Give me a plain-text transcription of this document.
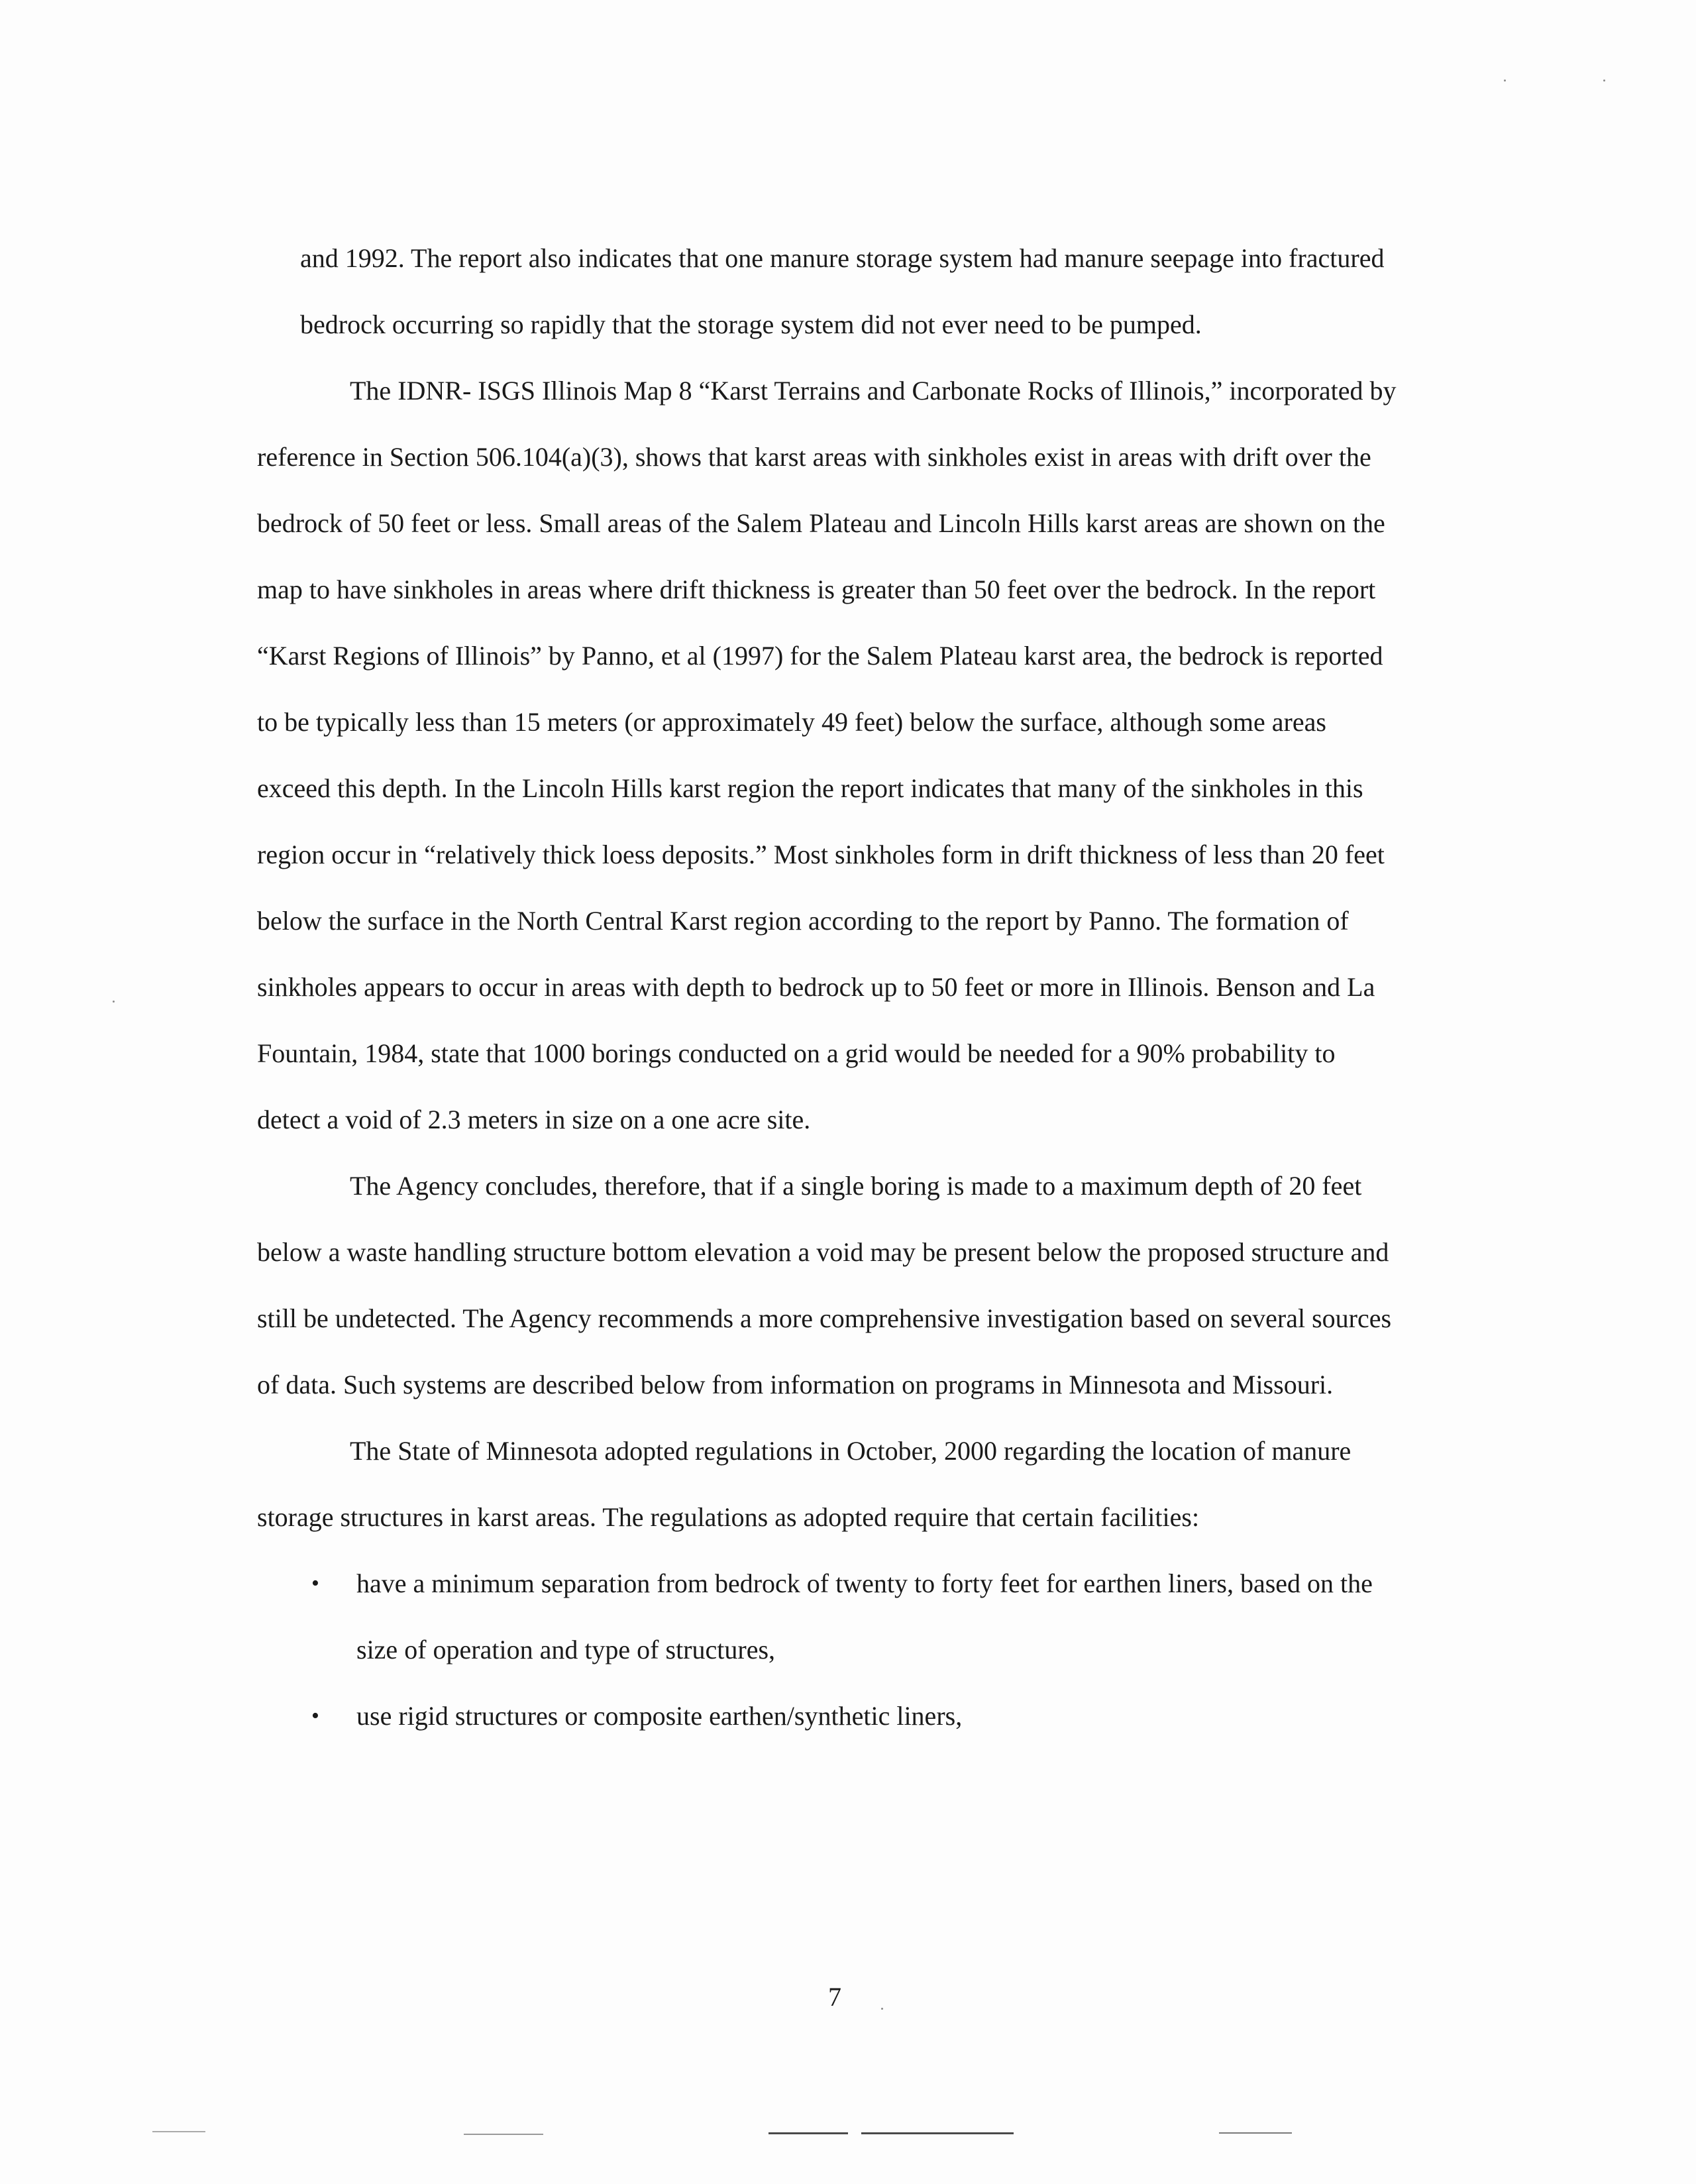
and 1992. The report also indicates that one manure storage system had manure seepage into fractured bedrock occurring so rapidly that the storage system did not ever need to be pumped.

The IDNR- ISGS Illinois Map 8 “Karst Terrains and Carbonate Rocks of Illinois,” incorporated by reference in Section 506.104(a)(3), shows that karst areas with sinkholes exist in areas with drift over the bedrock of 50 feet or less. Small areas of the Salem Plateau and Lincoln Hills karst areas are shown on the map to have sinkholes in areas where drift thickness is greater than 50 feet over the bedrock. In the report “Karst Regions of Illinois” by Panno, et al (1997) for the Salem Plateau karst area, the bedrock is reported to be typically less than 15 meters (or approximately 49 feet) below the surface, although some areas exceed this depth. In the Lincoln Hills karst region the report indicates that many of the sinkholes in this region occur in “relatively thick loess deposits.” Most sinkholes form in drift thickness of less than 20 feet below the surface in the North Central Karst region according to the report by Panno. The formation of sinkholes appears to occur in areas with depth to bedrock up to 50 feet or more in Illinois. Benson and La Fountain, 1984, state that 1000 borings conducted on a grid would be needed for a 90% probability to detect a void of 2.3 meters in size on a one acre site.

The Agency concludes, therefore, that if a single boring is made to a maximum depth of 20 feet below a waste handling structure bottom elevation a void may be present below the proposed structure and still be undetected. The Agency recommends a more comprehensive investigation based on several sources of data. Such systems are described below from information on programs in Minnesota and Missouri.

The State of Minnesota adopted regulations in October, 2000 regarding the location of manure storage structures in karst areas. The regulations as adopted require that certain facilities:

• have a minimum separation from bedrock of twenty to forty feet for earthen liners, based on the size of operation and type of structures,
• use rigid structures or composite earthen/synthetic liners,
7
